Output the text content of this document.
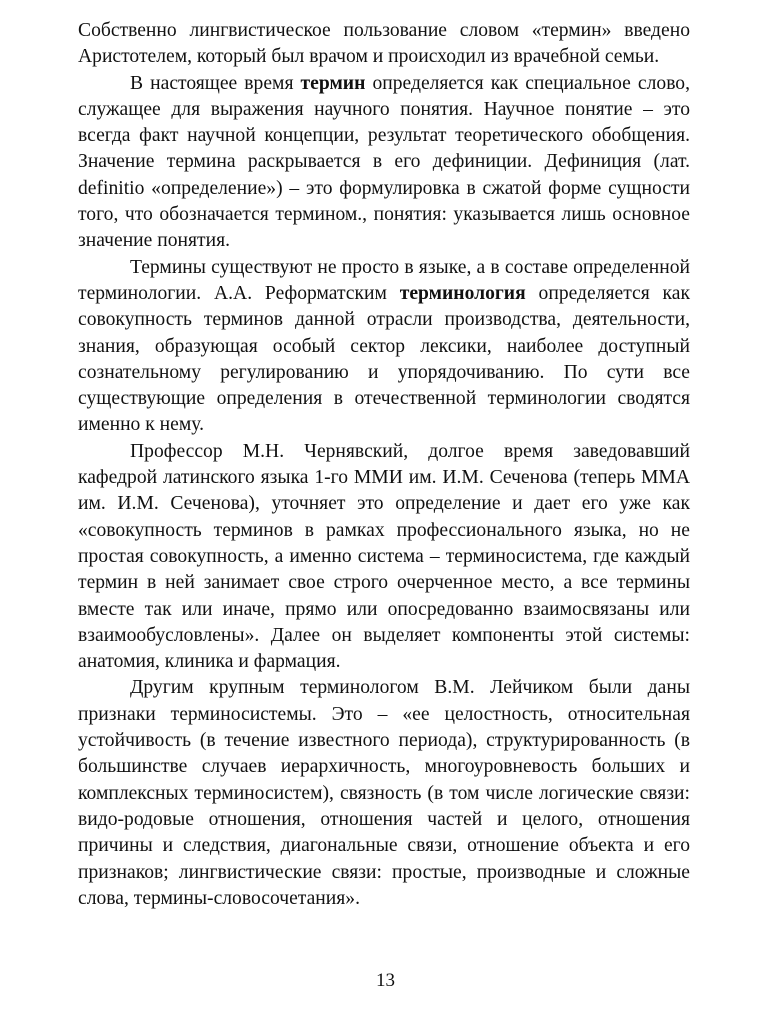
Собственно лингвистическое пользование словом «термин» введено Аристотелем, который был врачом и происходил из врачебной семьи.

В настоящее время термин определяется как специальное слово, служащее для выражения научного понятия. Научное понятие – это всегда факт научной концепции, результат теоретического обобщения. Значение термина раскрывается в его дефиниции. Дефиниция (лат. definitio «определение») – это формулировка в сжатой форме сущности того, что обозначается термином., понятия: указывается лишь основное значение понятия.

Термины существуют не просто в языке, а в составе определенной терминологии. А.А. Реформатским терминология определяется как совокупность терминов данной отрасли производства, деятельности, знания, образующая особый сектор лексики, наиболее доступный сознательному регулированию и упорядочиванию. По сути все существующие определения в отечественной терминологии сводятся именно к нему.

Профессор М.Н. Чернявский, долгое время заведовавший кафедрой латинского языка 1-го ММИ им. И.М. Сеченова (теперь ММА им. И.М. Сеченова), уточняет это определение и дает его уже как «совокупность терминов в рамках профессионального языка, но не простая совокупность, а именно система – терминосистема, где каждый термин в ней занимает свое строго очерченное место, а все термины вместе так или иначе, прямо или опосредованно взаимосвязаны или взаимообусловлены». Далее он выделяет компоненты этой системы: анатомия, клиника и фармация.

Другим крупным терминологом В.М. Лейчиком были даны признаки терминосистемы. Это – «ее целостность, относительная устойчивость (в течение известного периода), структурированность (в большинстве случаев иерархичность, многоуровневость больших и комплексных терминосистем), связность (в том числе логические связи: видо-родовые отношения, отношения частей и целого, отношения причины и следствия, диагональные связи, отношение объекта и его признаков; лингвистические связи: простые, производные и сложные слова, термины-словосочетания».

13
